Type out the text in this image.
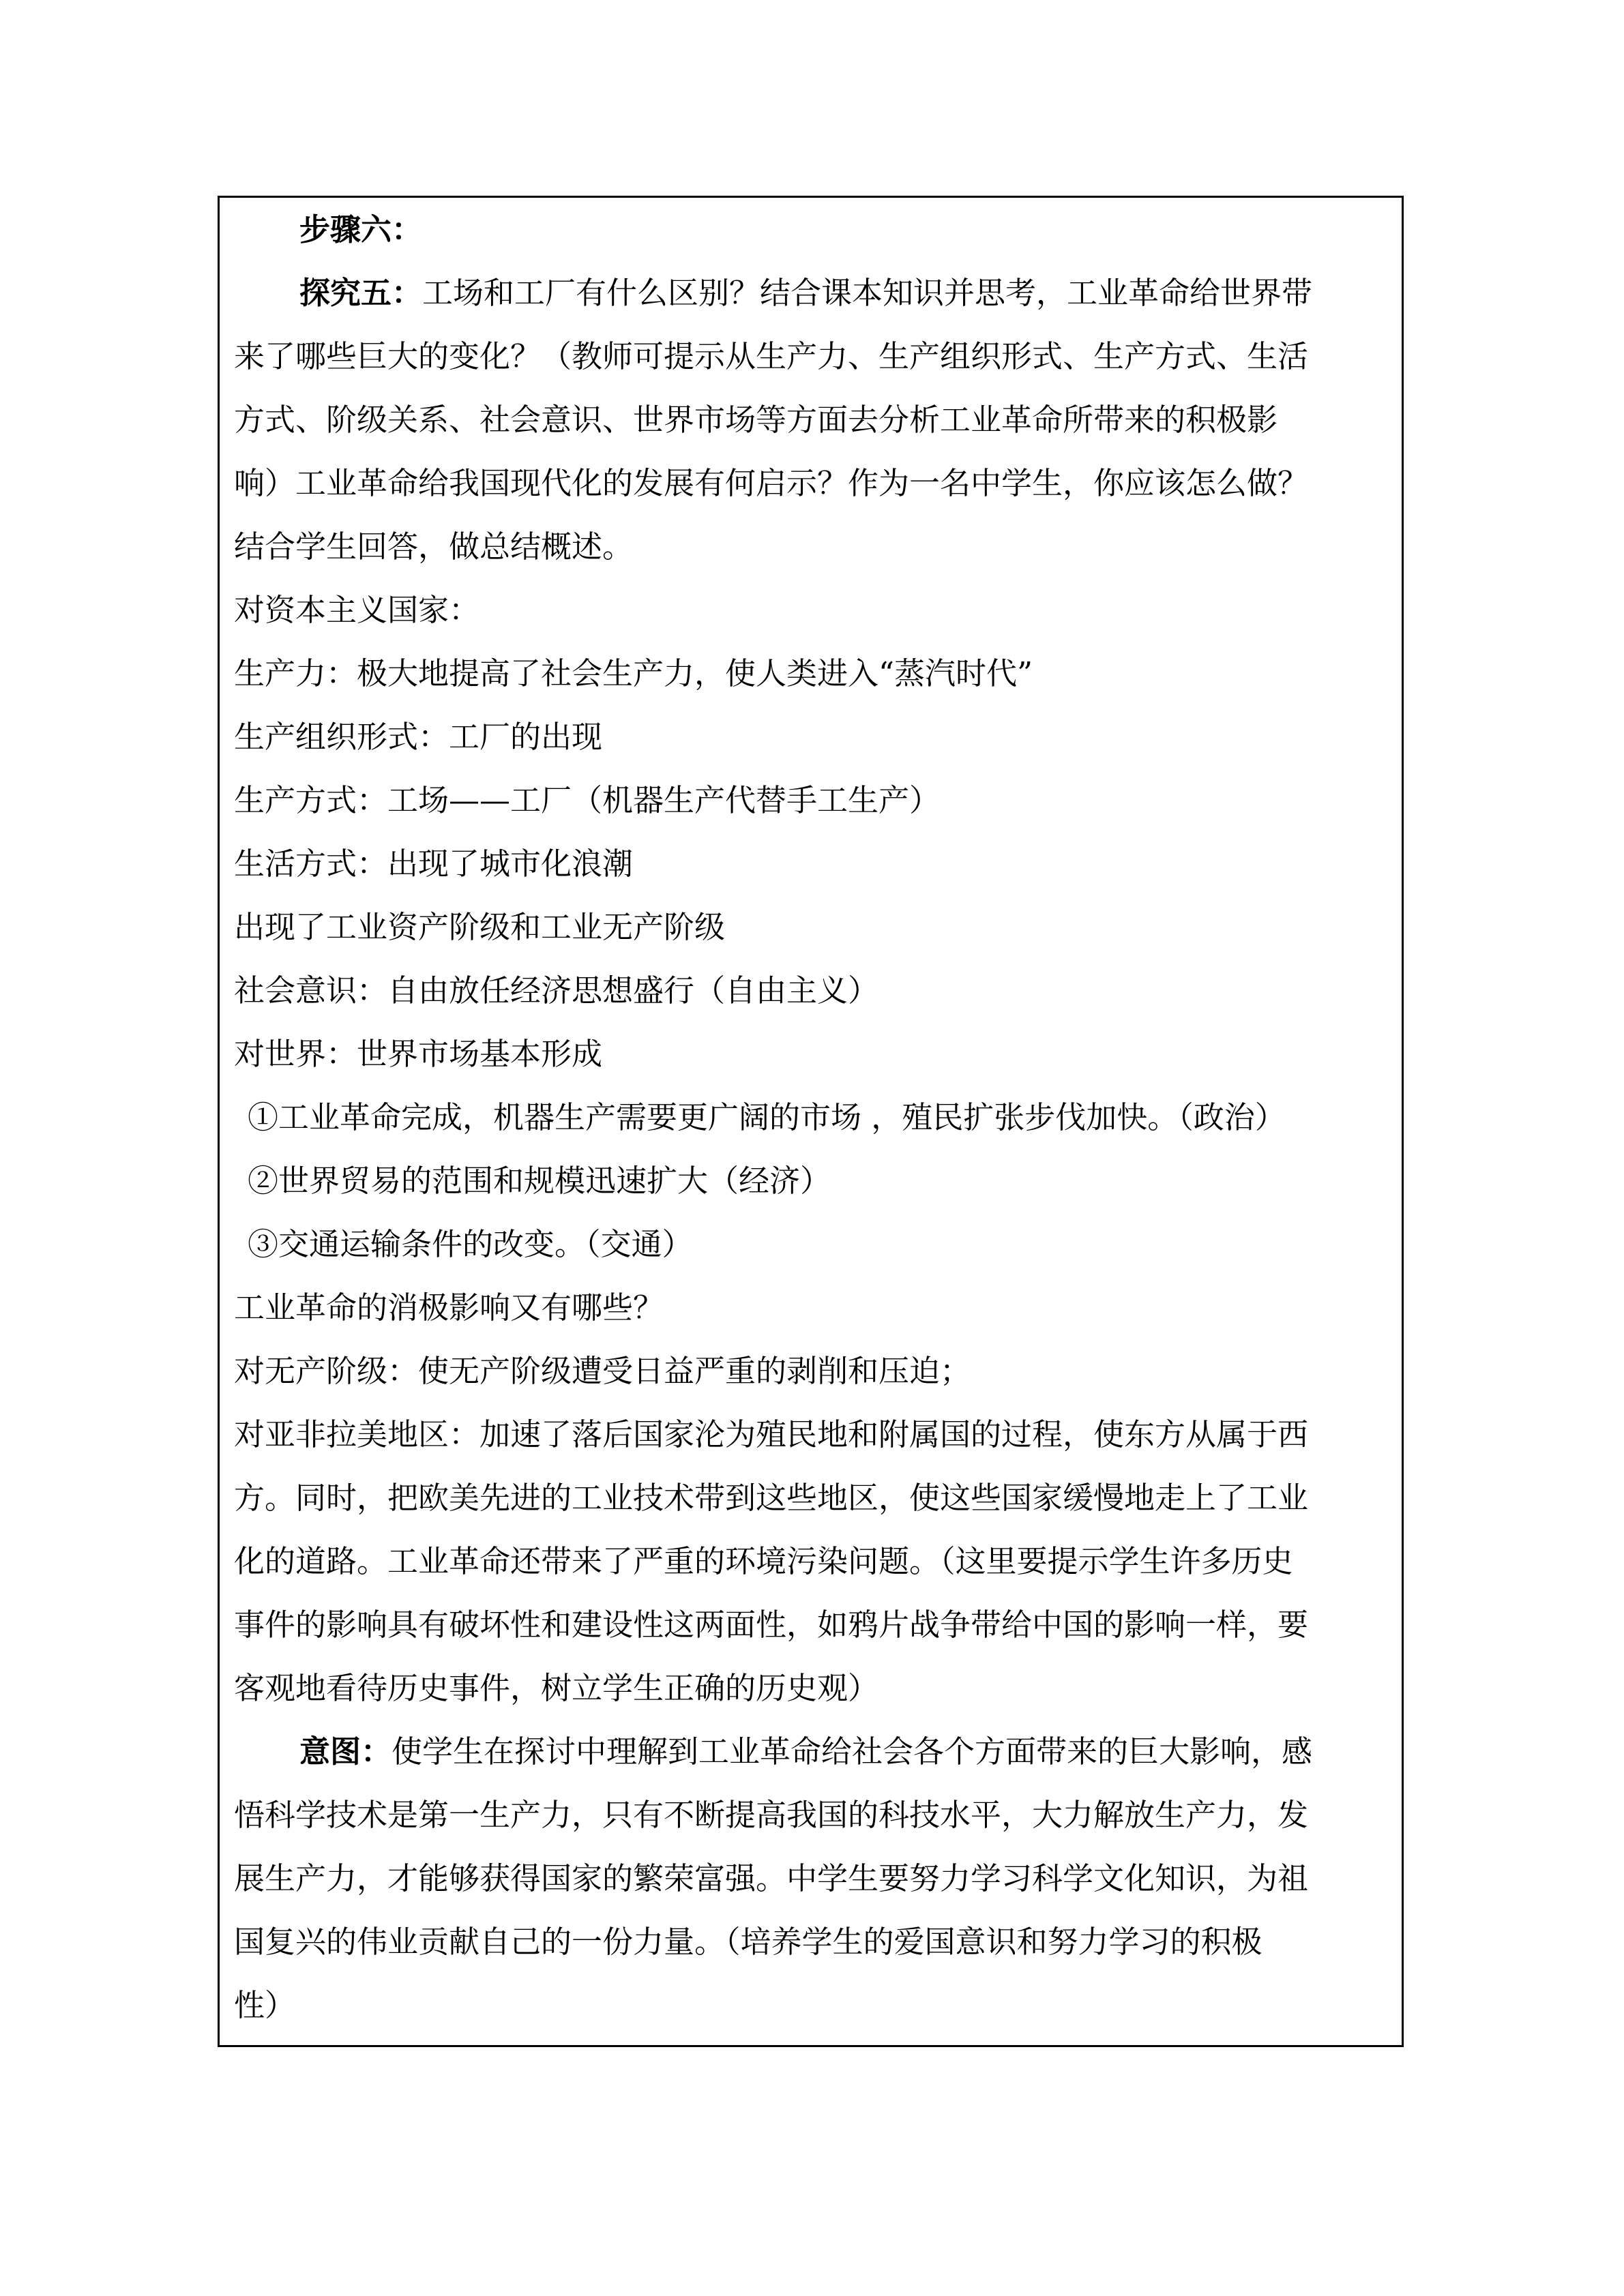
步骤六：
探究五：工场和工厂有什么区别？结合课本知识并思考，工业革命给世界带
来了哪些巨大的变化？（教师可提示从生产力、生产组织形式、生产方式、生活
方式、阶级关系、社会意识、世界市场等方面去分析工业革命所带来的积极影
响）工业革命给我国现代化的发展有何启示？作为一名中学生，你应该怎么做？
结合学生回答，做总结概述。
对资本主义国家：
生产力：极大地提高了社会生产力，使人类进入“蒸汽时代”
生产组织形式：工厂的出现
生产方式：工场——工厂（机器生产代替手工生产）
生活方式：出现了城市化浪潮
出现了工业资产阶级和工业无产阶级
社会意识：自由放任经济思想盛行（自由主义）
对世界：世界市场基本形成
①工业革命完成，机器生产需要更广阔的市场 ，殖民扩张步伐加快。（政治）
②世界贸易的范围和规模迅速扩大（经济）
③交通运输条件的改变。（交通）
工业革命的消极影响又有哪些？
对无产阶级：使无产阶级遭受日益严重的剥削和压迫；
对亚非拉美地区：加速了落后国家沦为殖民地和附属国的过程，使东方从属于西
方。同时，把欧美先进的工业技术带到这些地区，使这些国家缓慢地走上了工业
化的道路。工业革命还带来了严重的环境污染问题。（这里要提示学生许多历史
事件的影响具有破坏性和建设性这两面性，如鸦片战争带给中国的影响一样，要
客观地看待历史事件，树立学生正确的历史观）
意图：使学生在探讨中理解到工业革命给社会各个方面带来的巨大影响，感
悟科学技术是第一生产力，只有不断提高我国的科技水平，大力解放生产力，发
展生产力，才能够获得国家的繁荣富强。中学生要努力学习科学文化知识，为祖
国复兴的伟业贡献自己的一份力量。（培养学生的爱国意识和努力学习的积极
性）
